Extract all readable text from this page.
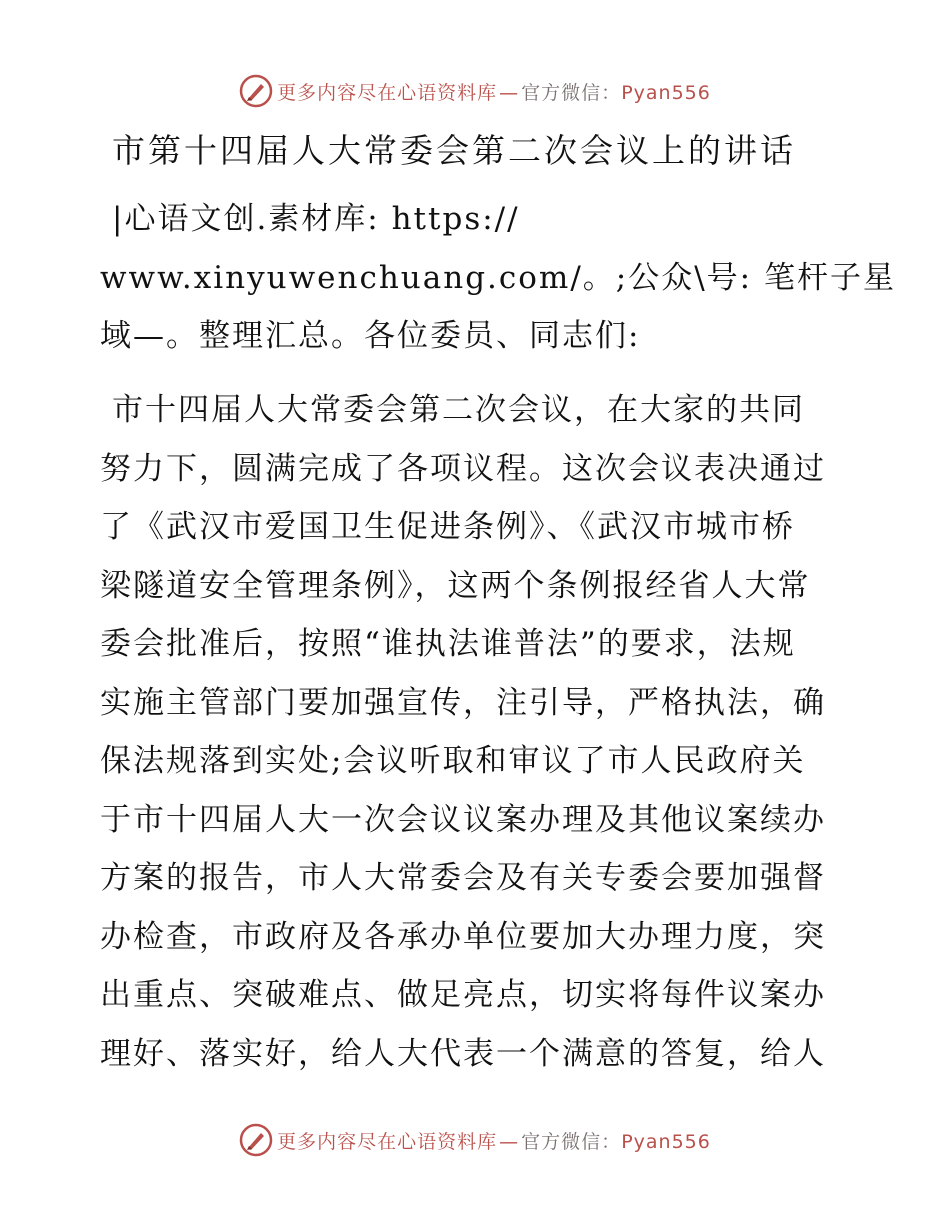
更多内容尽在心语资料库 — 官方微信：Pyan556
市第十四届人大常委会第二次会议上的讲话

|心语文创.素材库: https://
www.xinyuwenchuang.com/。;公众\号: 笔杆子星
域—。整理汇总。各位委员、同志们:

市十四届人大常委会第二次会议，在大家的共同
努力下，圆满完成了各项议程。这次会议表决通过
了《武汉市爱国卫生促进条例》、《武汉市城市桥
梁隧道安全管理条例》，这两个条例报经省人大常
委会批准后，按照“谁执法谁普法”的要求，法规
实施主管部门要加强宣传，注引导，严格执法，确
保法规落到实处;会议听取和审议了市人民政府关
于市十四届人大一次会议议案办理及其他议案续办
方案的报告，市人大常委会及有关专委会要加强督
办检查，市政府及各承办单位要加大办理力度，突
出重点、突破难点、做足亮点，切实将每件议案办
理好、落实好，给人大代表一个满意的答复，给人

更多内容尽在心语资料库 — 官方微信：Pyan556
